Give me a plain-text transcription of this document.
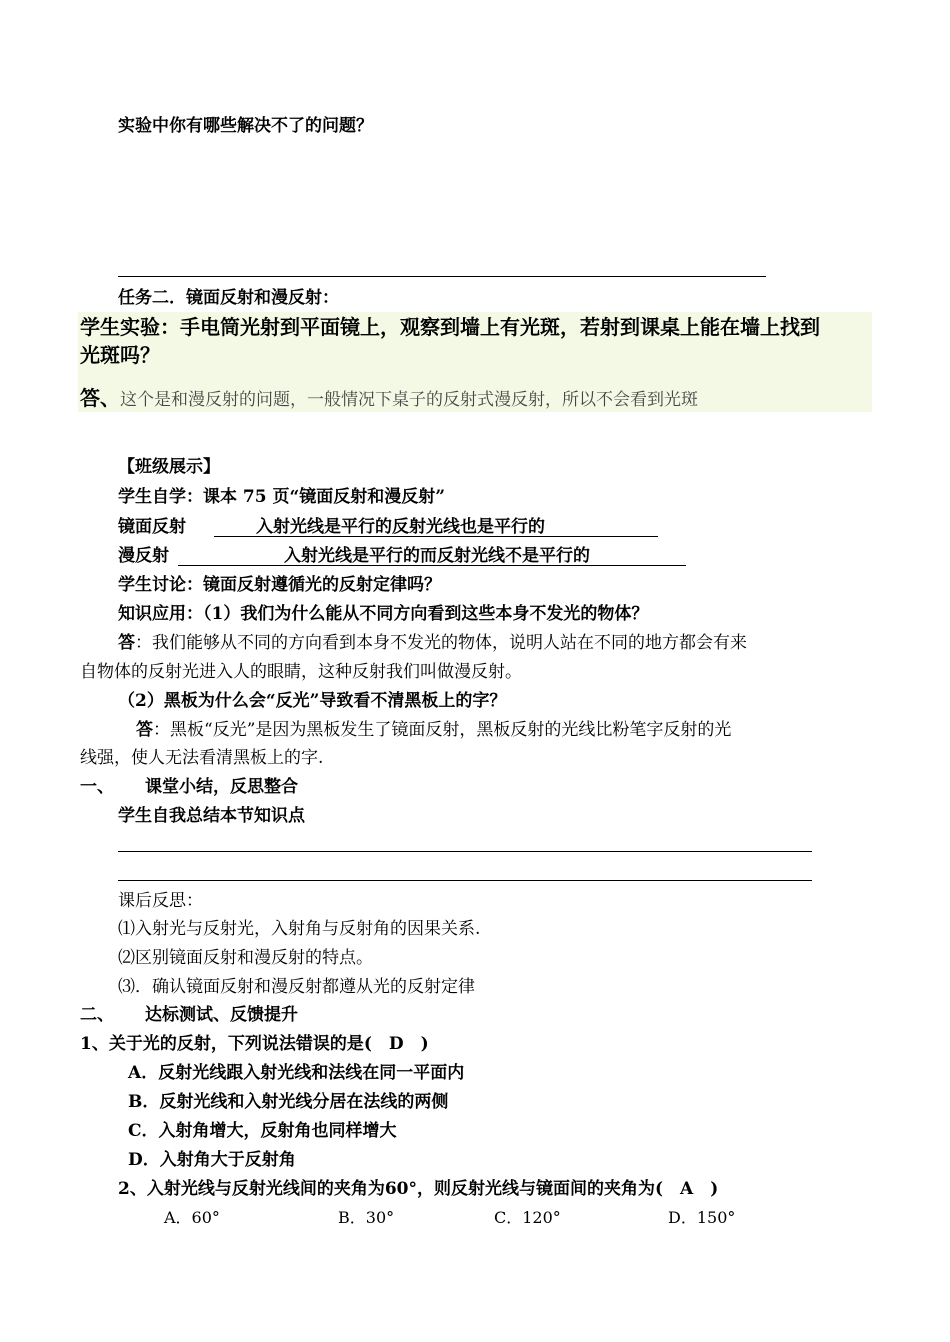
实验中你有哪些解决不了的问题？
任务二．镜面反射和漫反射：
学生实验：手电筒光射到平面镜上，观察到墙上有光斑，若射到课桌上能在墙上找到
光斑吗？
答、这个是和漫反射的问题，一般情况下桌子的反射式漫反射，所以不会看到光斑
【班级展示】
学生自学：课本 75 页“镜面反射和漫反射”
镜面反射	入射光线是平行的反射光线也是平行的
漫反射	入射光线是平行的而反射光线不是平行的
学生讨论：镜面反射遵循光的反射定律吗？
知识应用：（1）我们为什么能从不同方向看到这些本身不发光的物体？
答：我们能够从不同的方向看到本身不发光的物体，说明人站在不同的地方都会有来
自物体的反射光进入人的眼睛，这种反射我们叫做漫反射。
（2）黑板为什么会“反光”导致看不清黑板上的字？
答：黑板“反光”是因为黑板发生了镜面反射，黑板反射的光线比粉笔字反射的光
线强，使人无法看清黑板上的字.
一、 课堂小结，反思整合
学生自我总结本节知识点
课后反思：
⑴入射光与反射光，入射角与反射角的因果关系.
⑵区别镜面反射和漫反射的特点。
⑶．确认镜面反射和漫反射都遵从光的反射定律
二、 达标测试、反馈提升
1、关于光的反射，下列说法错误的是(　D　)
A．反射光线跟入射光线和法线在同一平面内
B．反射光线和入射光线分居在法线的两侧
C．入射角增大，反射角也同样增大
D．入射角大于反射角
2、入射光线与反射光线间的夹角为60°，则反射光线与镜面间的夹角为(　A　)
A．60°	B．30°	C．120°	D．150°
